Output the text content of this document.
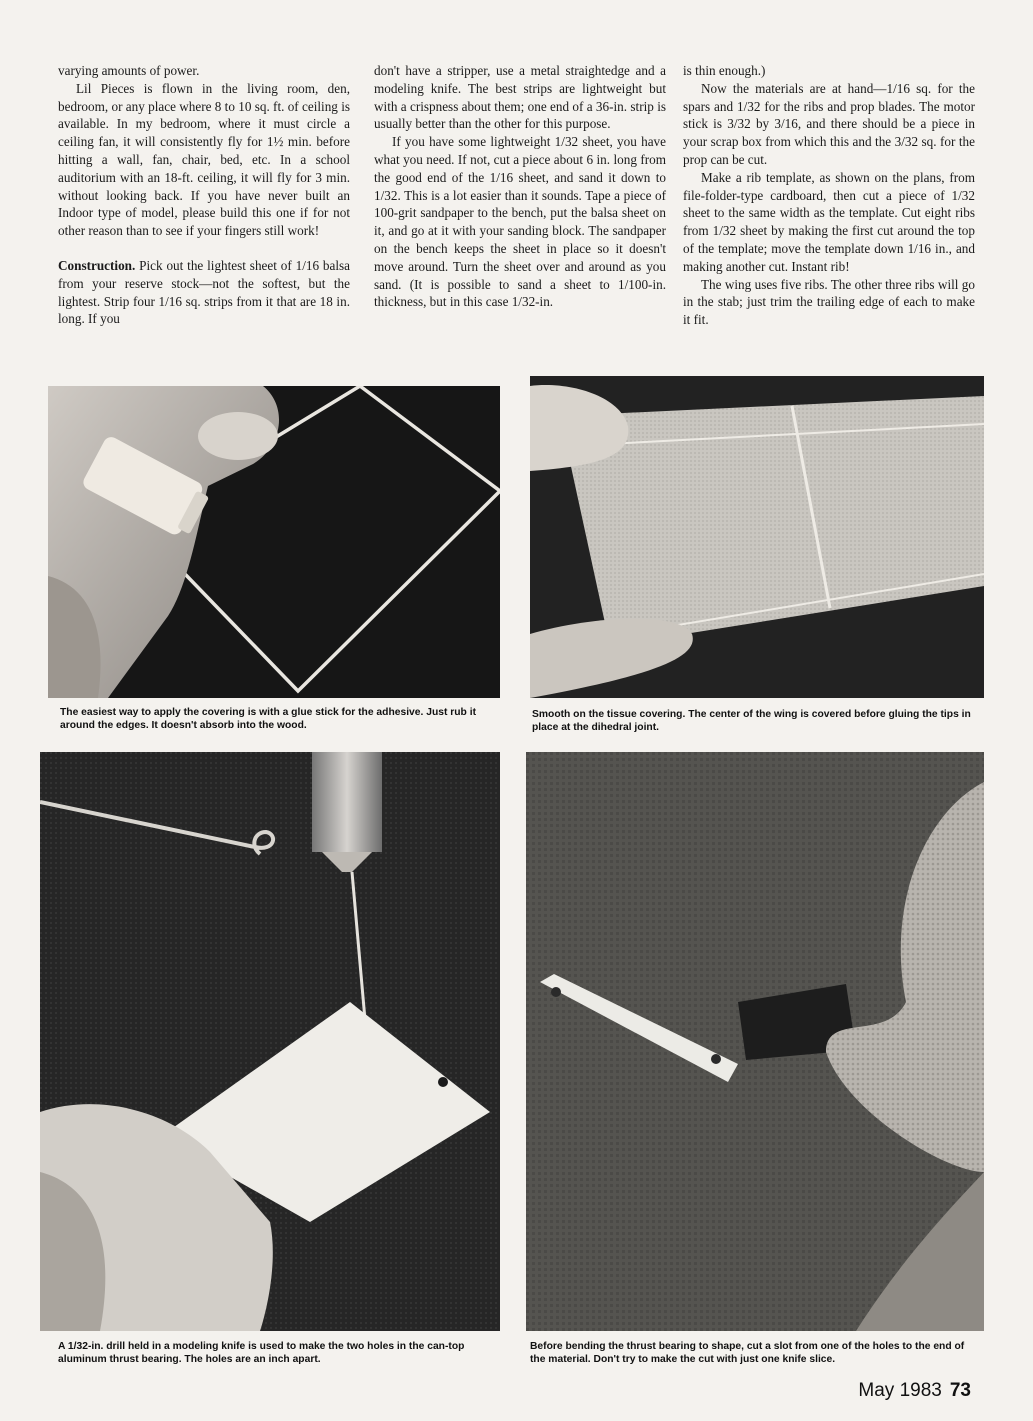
varying amounts of power.

Lil Pieces is flown in the living room, den, bedroom, or any place where 8 to 10 sq. ft. of ceiling is available. In my bedroom, where it must circle a ceiling fan, it will consistently fly for 1½ min. before hitting a wall, fan, chair, bed, etc. In a school auditorium with an 18-ft. ceiling, it will fly for 3 min. without looking back. If you have never built an Indoor type of model, please build this one if for not other reason than to see if your fingers still work!

Construction. Pick out the lightest sheet of 1/16 balsa from your reserve stock—not the softest, but the lightest. Strip four 1/16 sq. strips from it that are 18 in. long. If you

don't have a stripper, use a metal straightedge and a modeling knife. The best strips are lightweight but with a crispness about them; one end of a 36-in. strip is usually better than the other for this purpose.

If you have some lightweight 1/32 sheet, you have what you need. If not, cut a piece about 6 in. long from the good end of the 1/16 sheet, and sand it down to 1/32. This is a lot easier than it sounds. Tape a piece of 100-grit sandpaper to the bench, put the balsa sheet on it, and go at it with your sanding block. The sandpaper on the bench keeps the sheet in place so it doesn't move around. Turn the sheet over and around as you sand. (It is possible to sand a sheet to 1/100-in. thickness, but in this case 1/32-in.

is thin enough.)

Now the materials are at hand—1/16 sq. for the spars and 1/32 for the ribs and prop blades. The motor stick is 3/32 by 3/16, and there should be a piece in your scrap box from which this and the 3/32 sq. for the prop can be cut.

Make a rib template, as shown on the plans, from file-folder-type cardboard, then cut a piece of 1/32 sheet to the same width as the template. Cut eight ribs from 1/32 sheet by making the first cut around the top of the template; move the template down 1/16 in., and making another cut. Instant rib!

The wing uses five ribs. The other three ribs will go in the stab; just trim the trailing edge of each to make it fit.

The easiest way to apply the covering is with a glue stick for the adhesive. Just rub it around the edges. It doesn't absorb into the wood.
Smooth on the tissue covering. The center of the wing is covered before gluing the tips in place at the dihedral joint.
A 1/32-in. drill held in a modeling knife is used to make the two holes in the can-top aluminum thrust bearing. The holes are an inch apart.
Before bending the thrust bearing to shape, cut a slot from one of the holes to the end of the material. Don't try to make the cut with just one knife slice.
May 1983 73
